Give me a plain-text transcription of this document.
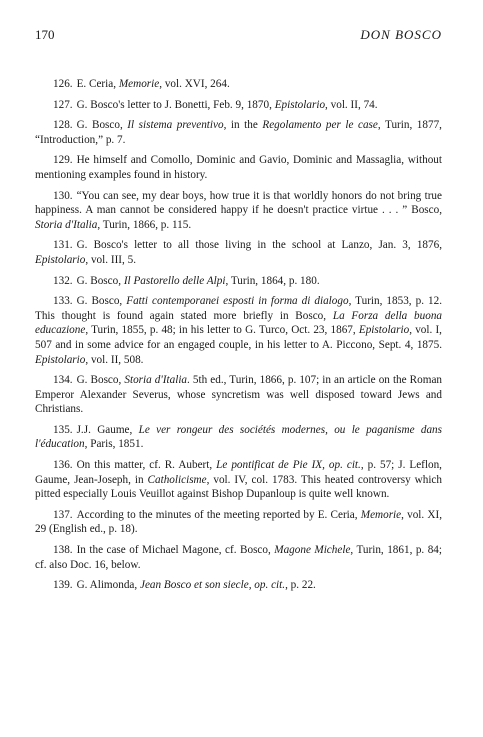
170	DON BOSCO

126. E. Ceria, Memorie, vol. XVI, 264.

127. G. Bosco's letter to J. Bonetti, Feb. 9, 1870, Epistolario, vol. II, 74.

128. G. Bosco, Il sistema preventivo, in the Regolamento per le case, Turin, 1877, “Introduction,” p. 7.

129. He himself and Comollo, Dominic and Gavio, Dominic and Massaglia, without mentioning examples found in history.

130. “You can see, my dear boys, how true it is that worldly honors do not bring true happiness. A man cannot be considered happy if he doesn't practice virtue . . . ” Bosco, Storia d'Italia, Turin, 1866, p. 115.

131. G. Bosco's letter to all those living in the school at Lanzo, Jan. 3, 1876, Epistolario, vol. III, 5.

132. G. Bosco, Il Pastorello delle Alpi, Turin, 1864, p. 180.

133. G. Bosco, Fatti contemporanei esposti in forma di dialogo, Turin, 1853, p. 12. This thought is found again stated more briefly in Bosco, La Forza della buona educazione, Turin, 1855, p. 48; in his letter to G. Turco, Oct. 23, 1867, Epistolario, vol. I, 507 and in some advice for an engaged couple, in his letter to A. Piccono, Sept. 4, 1875. Epistolario, vol. II, 508.

134. G. Bosco, Storia d'Italia. 5th ed., Turin, 1866, p. 107; in an article on the Roman Emperor Alexander Severus, whose syncretism was well disposed toward Jews and Christians.

135. J.J. Gaume, Le ver rongeur des sociétés modernes, ou le paganisme dans l'éducation, Paris, 1851.

136. On this matter, cf. R. Aubert, Le pontificat de Pie IX, op. cit., p. 57; J. Leflon, Gaume, Jean-Joseph, in Catholicisme, vol. IV, col. 1783. This heated controversy which pitted especially Louis Veuillot against Bishop Dupanloup is quite well known.

137. According to the minutes of the meeting reported by E. Ceria, Memorie, vol. XI, 29 (English ed., p. 18).

138. In the case of Michael Magone, cf. Bosco, Magone Michele, Turin, 1861, p. 84; cf. also Doc. 16, below.

139. G. Alimonda, Jean Bosco et son siecle, op. cit., p. 22.
